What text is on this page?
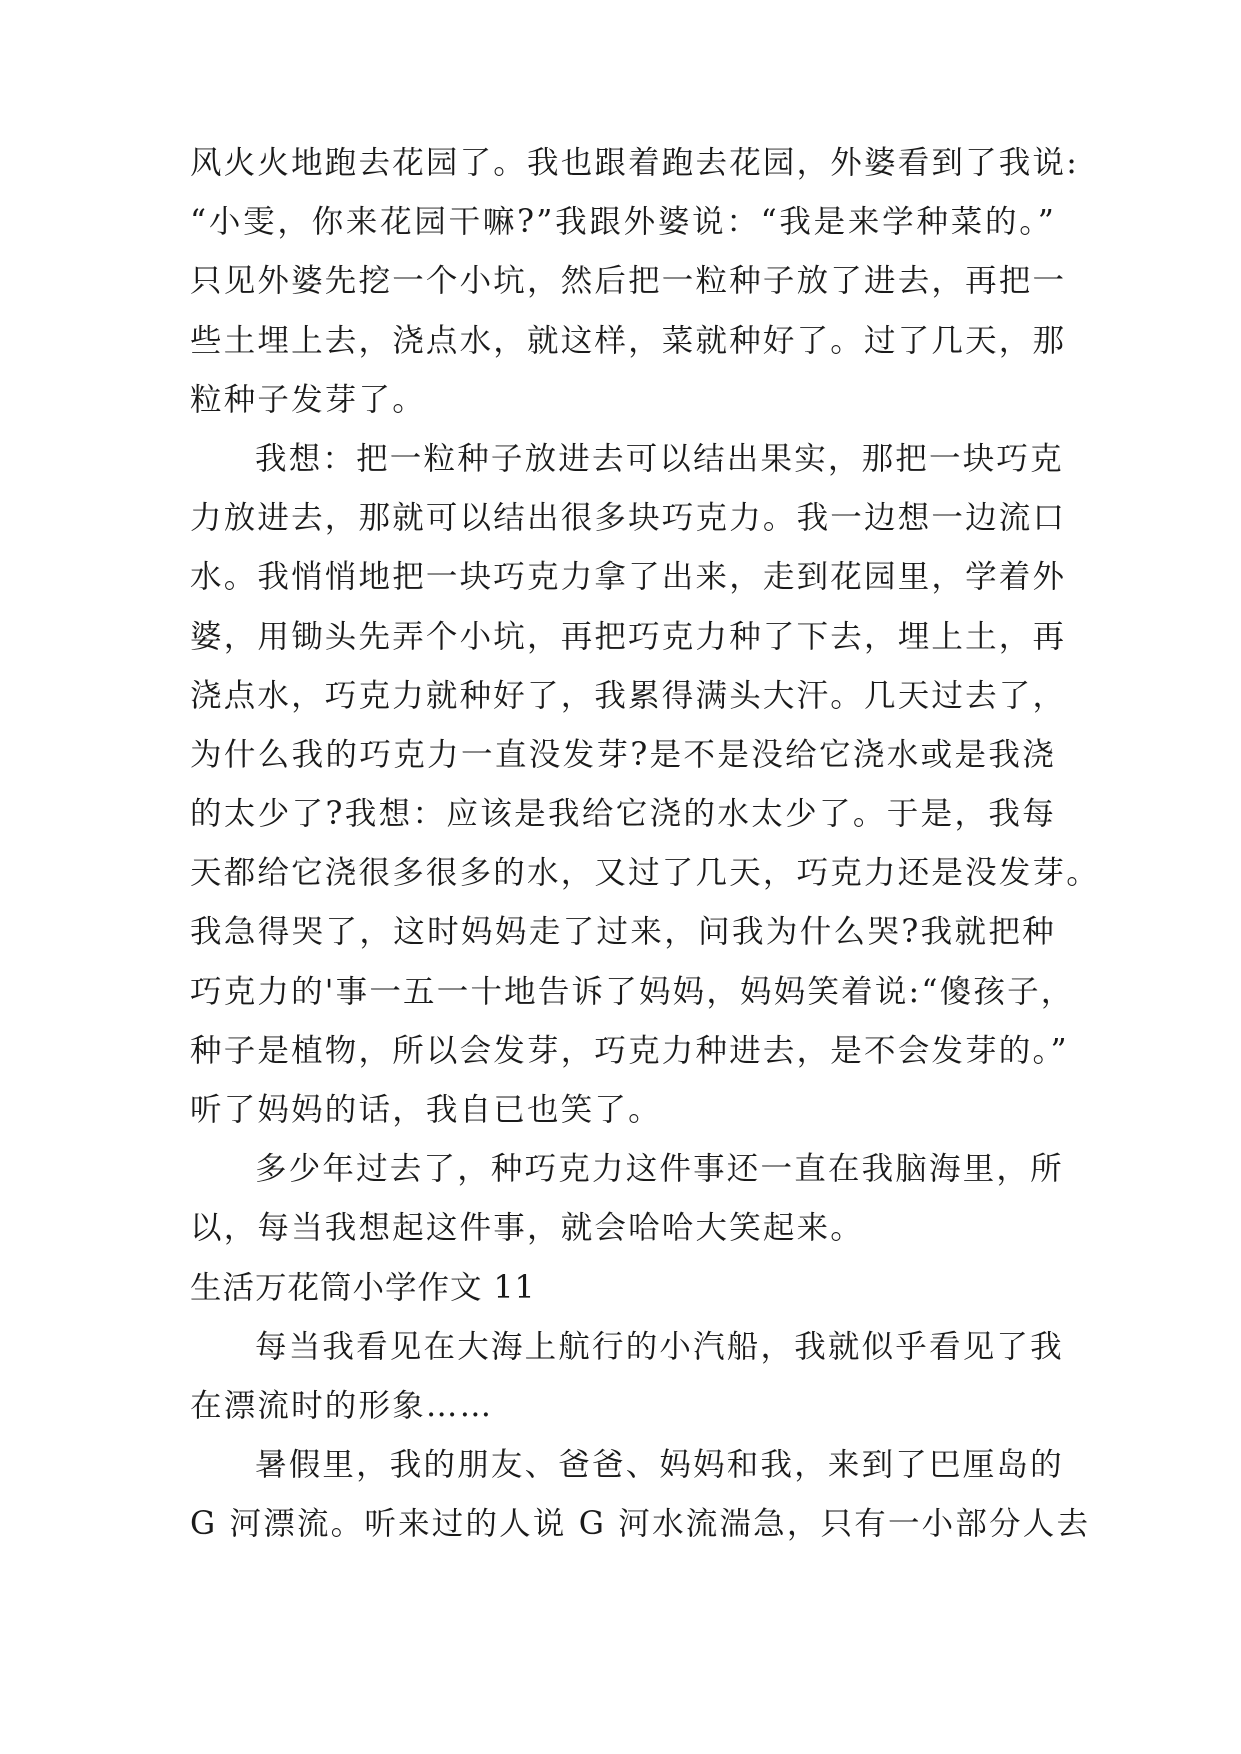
风火火地跑去花园了。我也跟着跑去花园，外婆看到了我说:
“小雯，你来花园干嘛?”我跟外婆说：“我是来学种菜的。”
只见外婆先挖一个小坑，然后把一粒种子放了进去，再把一
些土埋上去，浇点水，就这样，菜就种好了。过了几天，那
粒种子发芽了。
我想：把一粒种子放进去可以结出果实，那把一块巧克
力放进去，那就可以结出很多块巧克力。我一边想一边流口
水。我悄悄地把一块巧克力拿了出来，走到花园里，学着外
婆，用锄头先弄个小坑，再把巧克力种了下去，埋上土，再
浇点水，巧克力就种好了，我累得满头大汗。几天过去了，
为什么我的巧克力一直没发芽?是不是没给它浇水或是我浇
的太少了?我想：应该是我给它浇的水太少了。于是，我每
天都给它浇很多很多的水，又过了几天，巧克力还是没发芽。
我急得哭了，这时妈妈走了过来，问我为什么哭?我就把种
巧克力的'事一五一十地告诉了妈妈，妈妈笑着说:“傻孩子，
种子是植物，所以会发芽，巧克力种进去，是不会发芽的。”
听了妈妈的话，我自已也笑了。
多少年过去了，种巧克力这件事还一直在我脑海里，所
以，每当我想起这件事，就会哈哈大笑起来。
生活万花筒小学作文 11
每当我看见在大海上航行的小汽船，我就似乎看见了我
在漂流时的形象……
暑假里，我的朋友、爸爸、妈妈和我，来到了巴厘岛的
G 河漂流。听来过的人说 G 河水流湍急，只有一小部分人去
